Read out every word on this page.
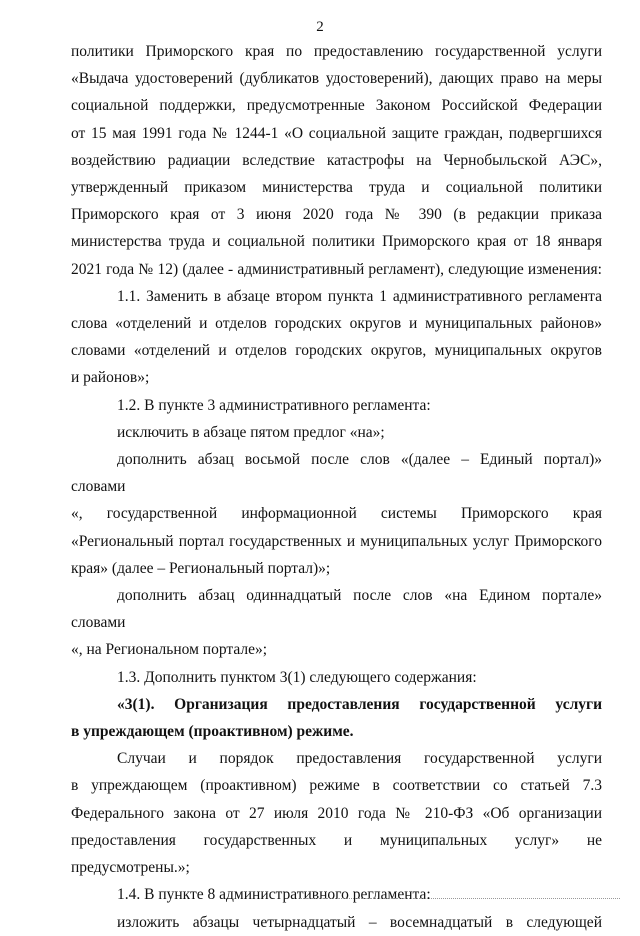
2

политики Приморского края по предоставлению государственной услуги

«Выдача удостоверений (дубликатов удостоверений), дающих право на меры

социальной поддержки, предусмотренные Законом Российской Федерации

от 15 мая 1991 года № 1244-1 «О социальной защите граждан, подвергшихся

воздействию радиации вследствие катастрофы на Чернобыльской АЭС»,

утвержденный приказом министерства труда и социальной политики

Приморского края от 3 июня 2020 года № 390 (в редакции приказа

министерства труда и социальной политики Приморского края от 18 января

2021 года № 12) (далее - административный регламент), следующие изменения:

1.1. Заменить в абзаце втором пункта 1 административного регламента

слова «отделений и отделов городских округов и муниципальных районов»

словами «отделений и отделов городских округов, муниципальных округов

и районов»;

1.2. В пункте 3 административного регламента:

исключить в абзаце пятом предлог «на»;

дополнить абзац восьмой после слов «(далее – Единый портал)» словами

«, государственной информационной системы Приморского края

«Региональный портал государственных и муниципальных услуг Приморского

края» (далее – Региональный портал)»;

дополнить абзац одиннадцатый после слов «на Едином портале» словами

«, на Региональном портале»;

1.3. Дополнить пунктом 3(1) следующего содержания:

«3(1). Организация предоставления государственной услуги

в упреждающем (проактивном) режиме.

Случаи и порядок предоставления государственной услуги

в упреждающем (проактивном) режиме в соответствии со статьей 7.3

Федерального закона от 27 июля 2010 года № 210-ФЗ «Об организации

предоставления государственных и муниципальных услуг» не

предусмотрены.»;

1.4. В пункте 8 административного регламента:

изложить абзацы четырнадцатый – восемнадцатый в следующей
